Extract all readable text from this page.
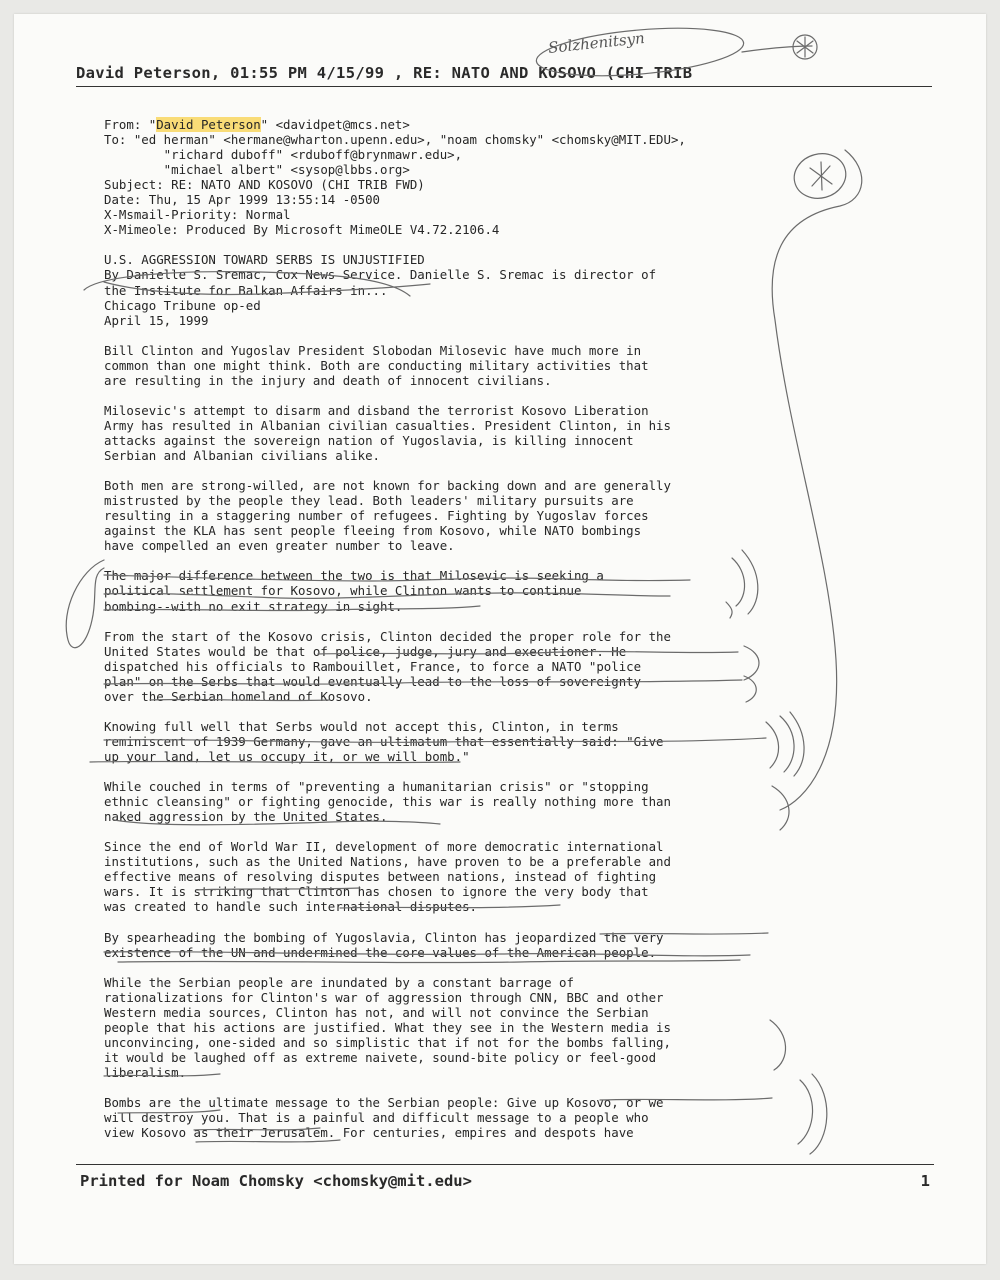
David Peterson, 01:55 PM 4/15/99 , RE: NATO AND KOSOVO (CHI TRIB
Solzhenitsyn
From: "David Peterson" <davidpet@mcs.net>
To: "ed herman" <hermane@wharton.upenn.edu>, "noam chomsky" <chomsky@MIT.EDU>,
"richard duboff" <rduboff@brynmawr.edu>,
"michael albert" <sysop@lbbs.org>
Subject: RE: NATO AND KOSOVO (CHI TRIB FWD)
Date: Thu, 15 Apr 1999 13:55:14 -0500
X-Msmail-Priority: Normal
X-Mimeole: Produced By Microsoft MimeOLE V4.72.2106.4
U.S. AGGRESSION TOWARD SERBS IS UNJUSTIFIED
By Danielle S. Sremac, Cox News Service. Danielle S. Sremac is director of
the Institute for Balkan Affairs in...
Chicago Tribune op-ed
April 15, 1999
Bill Clinton and Yugoslav President Slobodan Milosevic have much more in
common than one might think. Both are conducting military activities that
are resulting in the injury and death of innocent civilians.
Milosevic's attempt to disarm and disband the terrorist Kosovo Liberation
Army has resulted in Albanian civilian casualties. President Clinton, in his
attacks against the sovereign nation of Yugoslavia, is killing innocent
Serbian and Albanian civilians alike.
Both men are strong-willed, are not known for backing down and are generally
mistrusted by the people they lead. Both leaders' military pursuits are
resulting in a staggering number of refugees. Fighting by Yugoslav forces
against the KLA has sent people fleeing from Kosovo, while NATO bombings
have compelled an even greater number to leave.
The major difference between the two is that Milosevic is seeking a
political settlement for Kosovo, while Clinton wants to continue
bombing--with no exit strategy in sight.
From the start of the Kosovo crisis, Clinton decided the proper role for the
United States would be that of police, judge, jury and executioner. He
dispatched his officials to Rambouillet, France, to force a NATO "police
plan" on the Serbs that would eventually lead to the loss of sovereignty
over the Serbian homeland of Kosovo.
Knowing full well that Serbs would not accept this, Clinton, in terms
reminiscent of 1939 Germany, gave an ultimatum that essentially said: "Give
up your land, let us occupy it, or we will bomb."
While couched in terms of "preventing a humanitarian crisis" or "stopping
ethnic cleansing" or fighting genocide, this war is really nothing more than
naked aggression by the United States.
Since the end of World War II, development of more democratic international
institutions, such as the United Nations, have proven to be a preferable and
effective means of resolving disputes between nations, instead of fighting
wars. It is striking that Clinton has chosen to ignore the very body that
was created to handle such international disputes.
By spearheading the bombing of Yugoslavia, Clinton has jeopardized the very
existence of the UN and undermined the core values of the American people.
While the Serbian people are inundated by a constant barrage of
rationalizations for Clinton's war of aggression through CNN, BBC and other
Western media sources, Clinton has not, and will not convince the Serbian
people that his actions are justified. What they see in the Western media is
unconvincing, one-sided and so simplistic that if not for the bombs falling,
it would be laughed off as extreme naivete, sound-bite policy or feel-good
liberalism.
Bombs are the ultimate message to the Serbian people: Give up Kosovo, or we
will destroy you. That is a painful and difficult message to a people who
view Kosovo as their Jerusalem. For centuries, empires and despots have
Printed for Noam Chomsky <chomsky@mit.edu>	1
